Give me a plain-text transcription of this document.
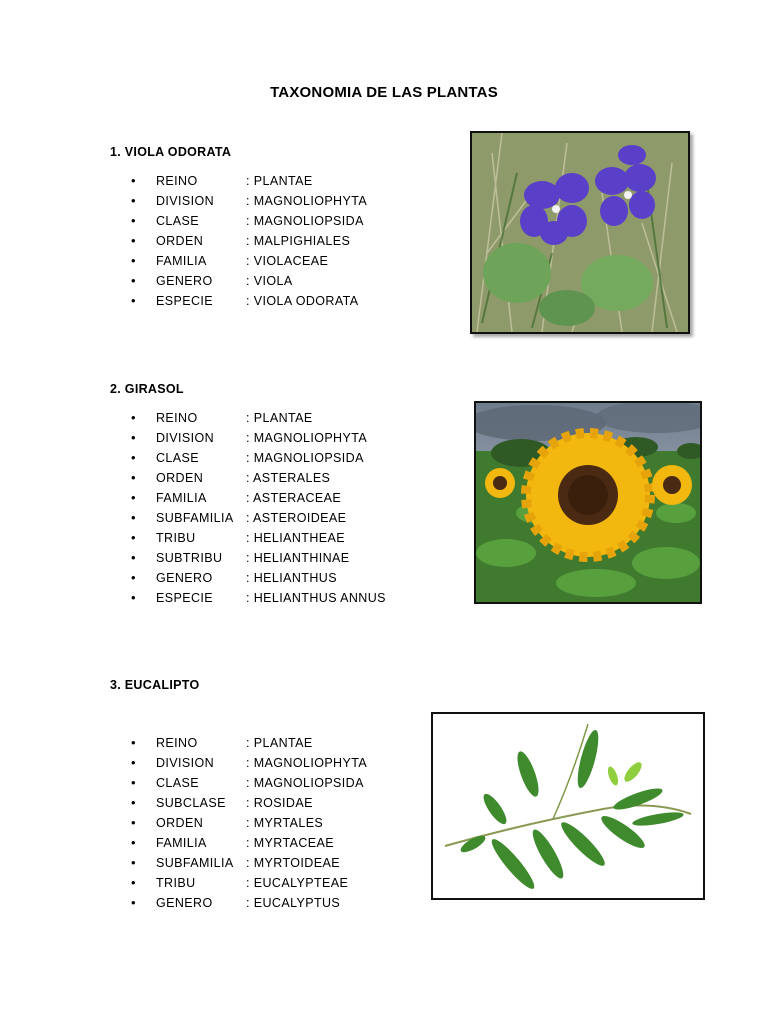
TAXONOMIA DE LAS PLANTAS
1. VIOLA ODORATA
• REINO	: PLANTAE
• DIVISION	: MAGNOLIOPHYTA
• CLASE	: MAGNOLIOPSIDA
• ORDEN	: MALPIGHIALES
• FAMILIA	: VIOLACEAE
• GENERO	: VIOLA
• ESPECIE	: VIOLA ODORATA
2. GIRASOL
• REINO	: PLANTAE
• DIVISION	: MAGNOLIOPHYTA
• CLASE	: MAGNOLIOPSIDA
• ORDEN	: ASTERALES
• FAMILIA	: ASTERACEAE
• SUBFAMILIA : ASTEROIDEAE
• TRIBU	: HELIANTHEAE
• SUBTRIBU : HELIANTHINAE
• GENERO	: HELIANTHUS
• ESPECIE	: HELIANTHUS ANNUS
3. EUCALIPTO
• REINO	: PLANTAE
• DIVISION	: MAGNOLIOPHYTA
• CLASE	: MAGNOLIOPSIDA
• SUBCLASE : ROSIDAE
• ORDEN	: MYRTALES
• FAMILIA	: MYRTACEAE
• SUBFAMILIA : MYRTOIDEAE
• TRIBU	: EUCALYPTEAE
• GENERO	: EUCALYPTUS
